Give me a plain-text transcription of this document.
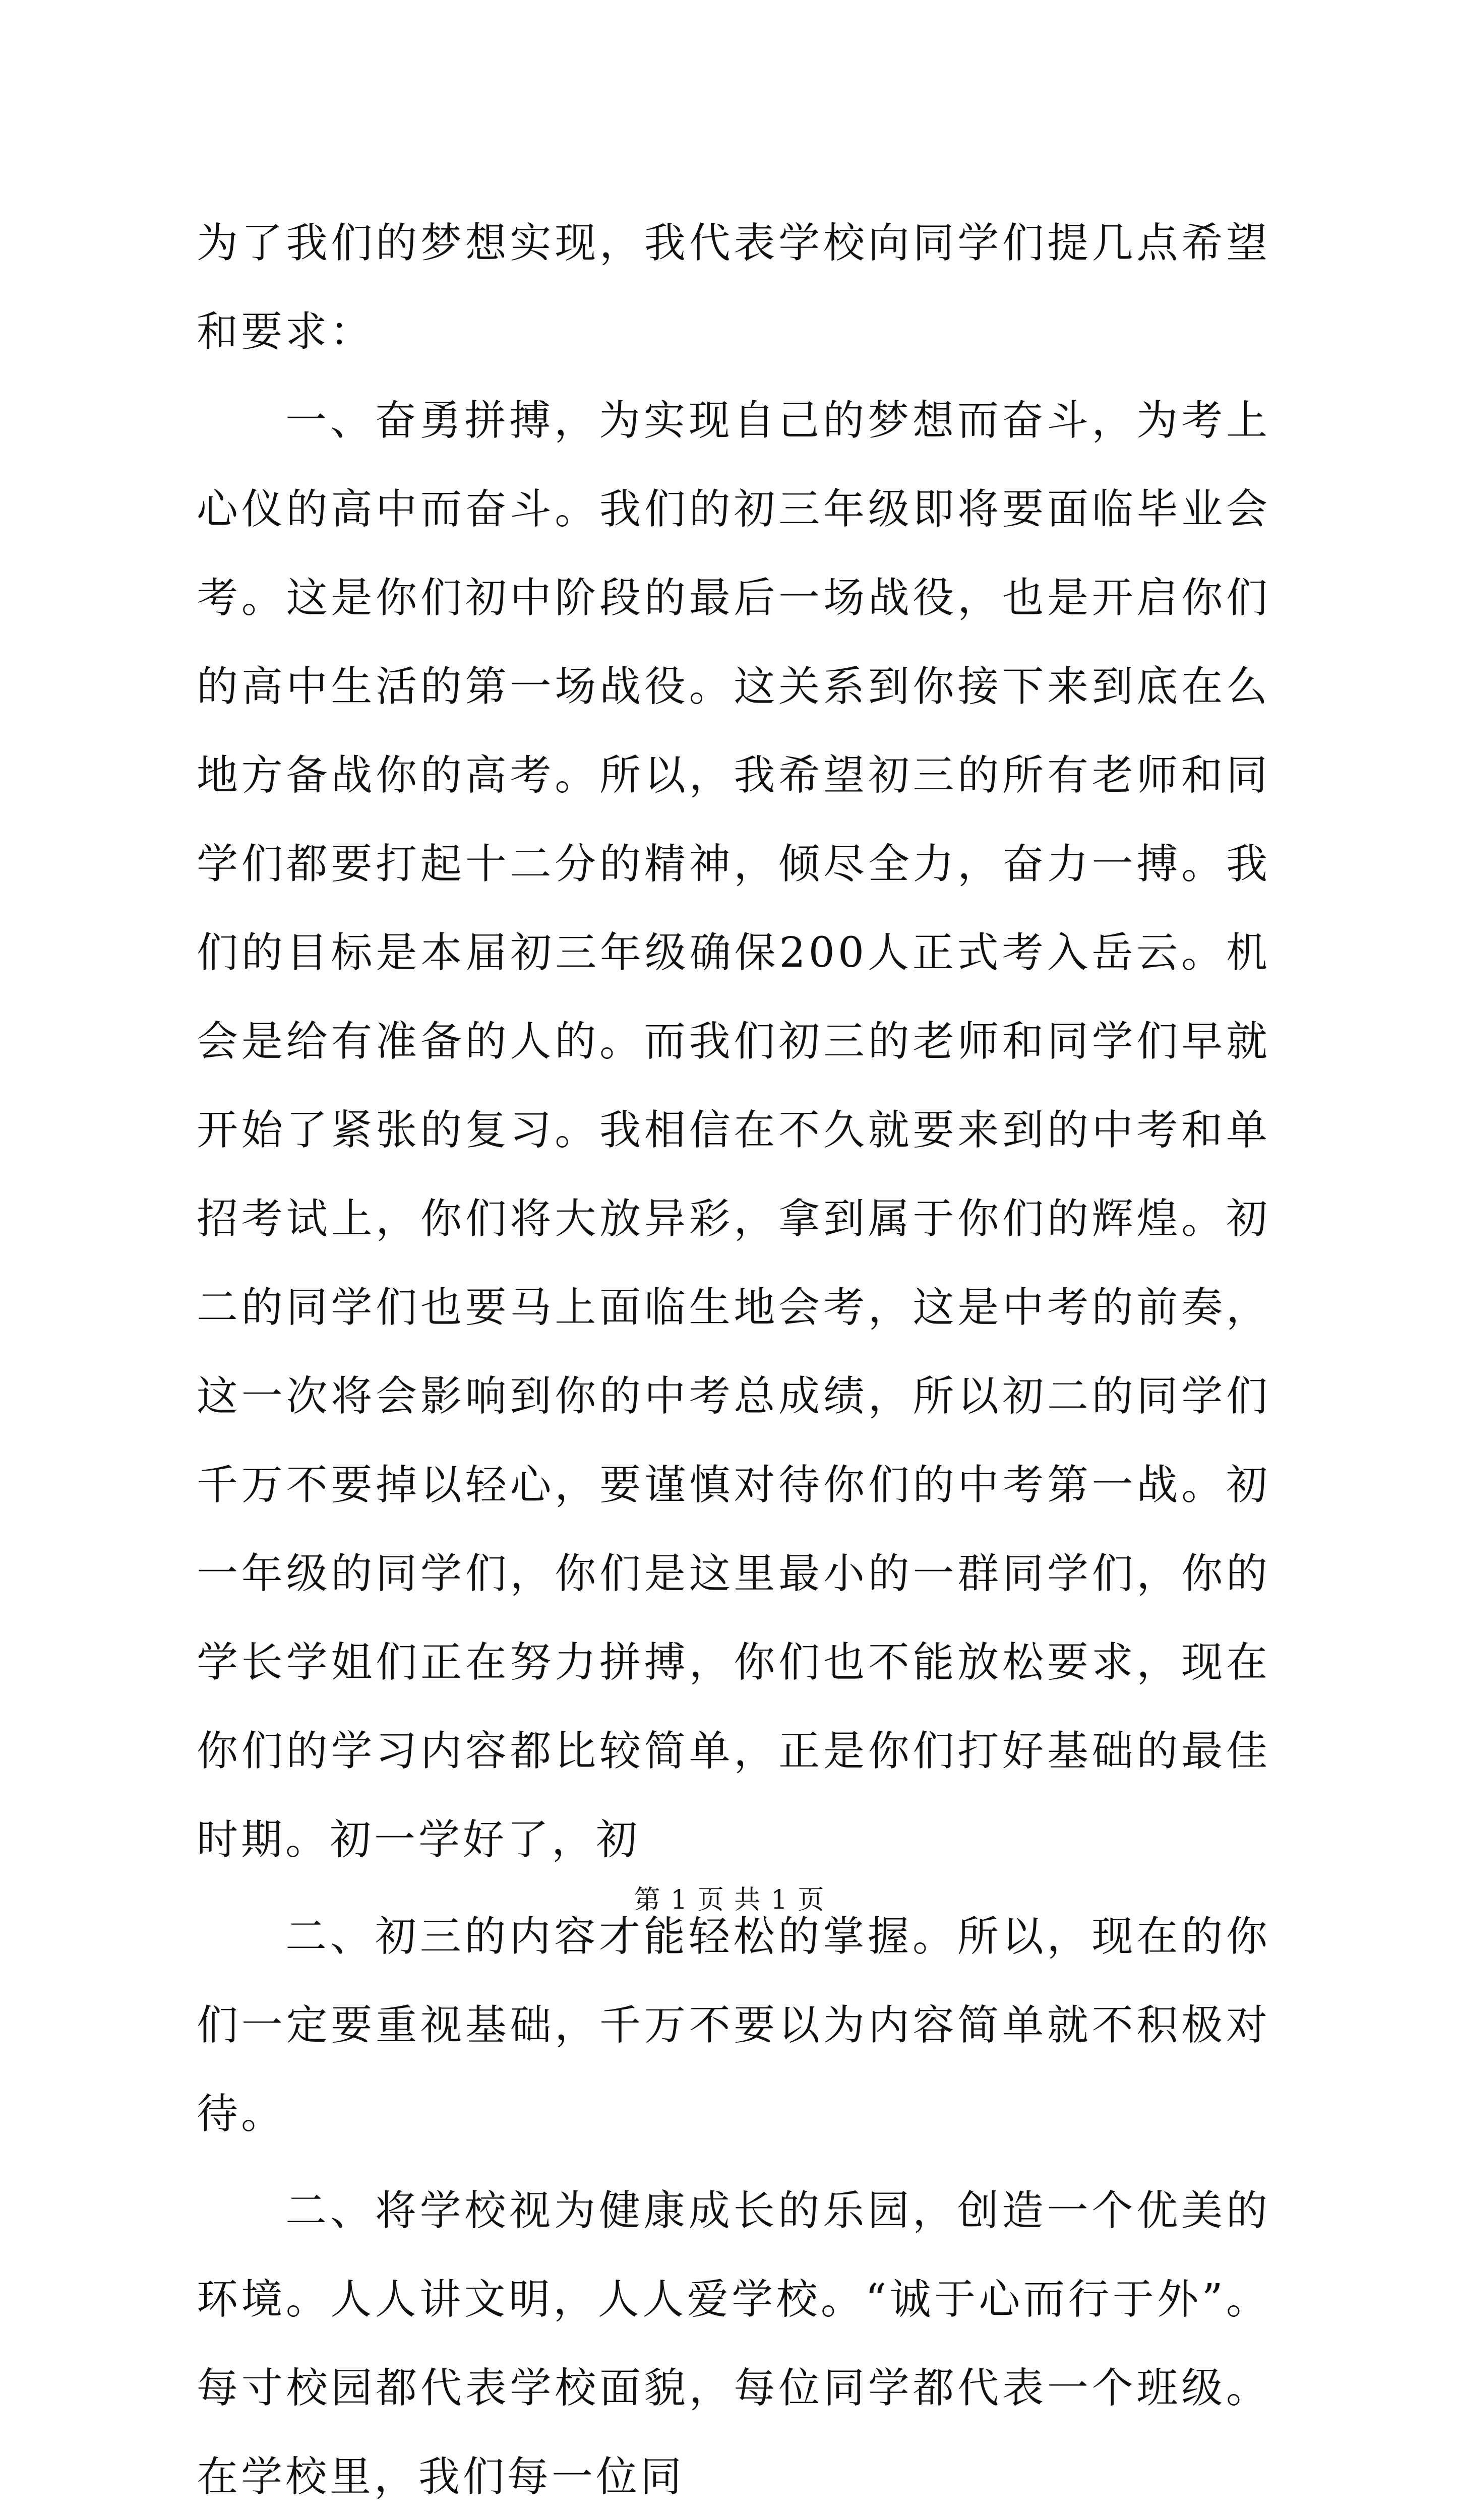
为了我们的梦想实现，我代表学校向同学们提几点希望和要求：

一、奋勇拼搏，为实现自己的梦想而奋斗，为考上心仪的高中而奋斗。我们的初三年级即将要面临毕业会考。这是你们初中阶段的最后一场战役，也是开启你们的高中生活的第一场战役。这关系到你接下来到底在么地方备战你的高考。所以，我希望初三的所有老师和同学们都要打起十二分的精神，倾尽全力，奋力一搏。我们的目标是本届初三年级确保200人正式考入岳云。机会是给有准备的人的。而我们初三的老师和同学们早就开始了紧张的复习。我相信在不久就要来到的中考和单招考试上，你们将大放异彩，拿到属于你们的辉煌。初二的同学们也要马上面临生地会考，这是中考的前奏，这一次将会影响到你的中考总成绩，所以初二的同学们千万不要掉以轻心，要谨慎对待你们的中考第一战。初一年级的同学们，你们是这里最小的一群同学们，你的学长学姐们正在努力拼搏，你们也不能放松要求，现在你们的学习内容都比较简单，正是你们打好基础的最佳时期。初一学好了，初

二、初三的内容才能轻松的掌握。所以，现在的你们一定要重视基础，千万不要以为内容简单就不积极对待。

二、将学校视为健康成长的乐园，创造一个优美的环境。人人讲文明，人人爱学校。“诚于心而行于外”。每寸校园都代表学校面貌，每位同学都代表一个班级。在学校里，我们每一位同

第 1 页 共 1 页
